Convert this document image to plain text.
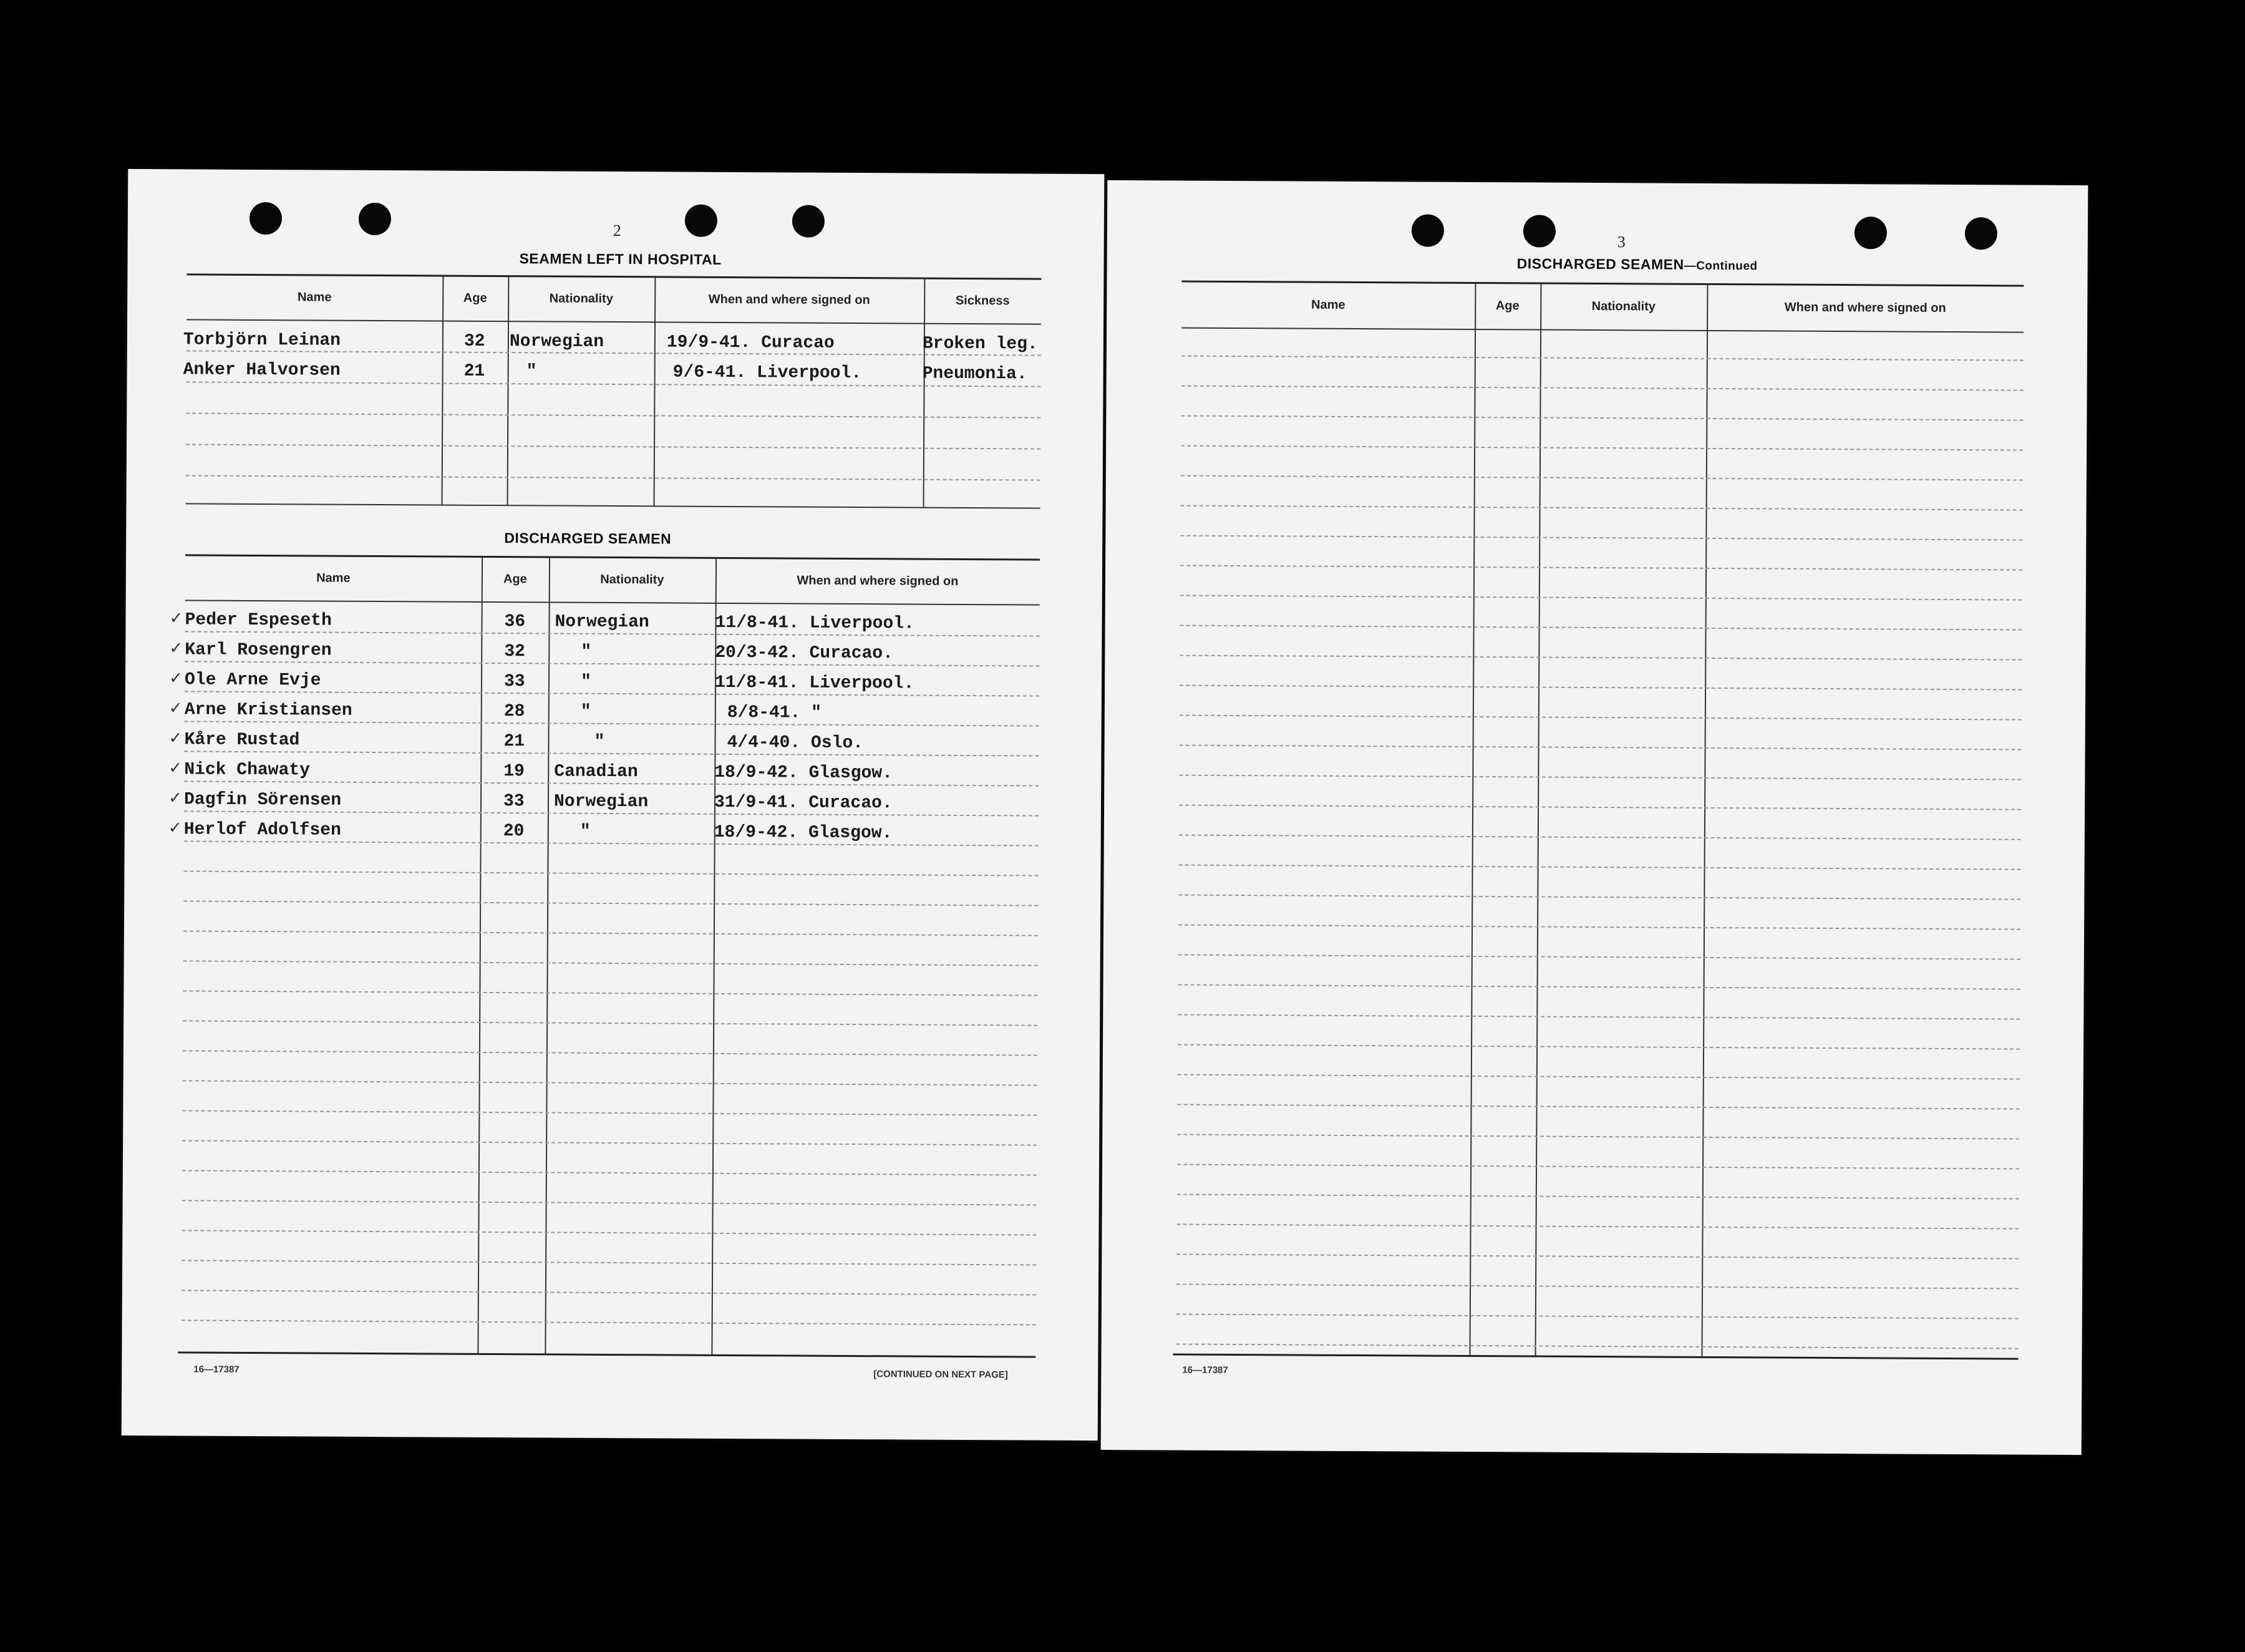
2
SEAMEN LEFT IN HOSPITAL
Name	Age	Nationality	When and where signed on	Sickness
Torbjörn Leinan	32 Norwegian	19/9-41. Curacao	Broken leg.
Anker Halvorsen	21 "	9/6-41. Liverpool.	Pneumonia.
DISCHARGED SEAMEN
Name	Age	Nationality	When and where signed on
✓ Peder Espeseth	36 Norwegian	11/8-41. Liverpool.
✓ Karl Rosengren	32	"	20/3-42. Curacao.
✓ Ole Arne Evje	33	"	11/8-41. Liverpool.
✓ Arne Kristiansen	28	"	8/8-41. "
✓ Kåre Rustad	21	"	4/4-40. Oslo.
✓ Nick Chawaty	19 Canadian	18/9-42. Glasgow.
✓ Dagfin Sörensen	33 Norwegian	31/9-41. Curacao.
✓ Herlof Adolfsen	20	"	18/9-42. Glasgow.
16—17387	[CONTINUED ON NEXT PAGE]
3
DISCHARGED SEAMEN—Continued
Name	Age	Nationality	When and where signed on
16—17387
